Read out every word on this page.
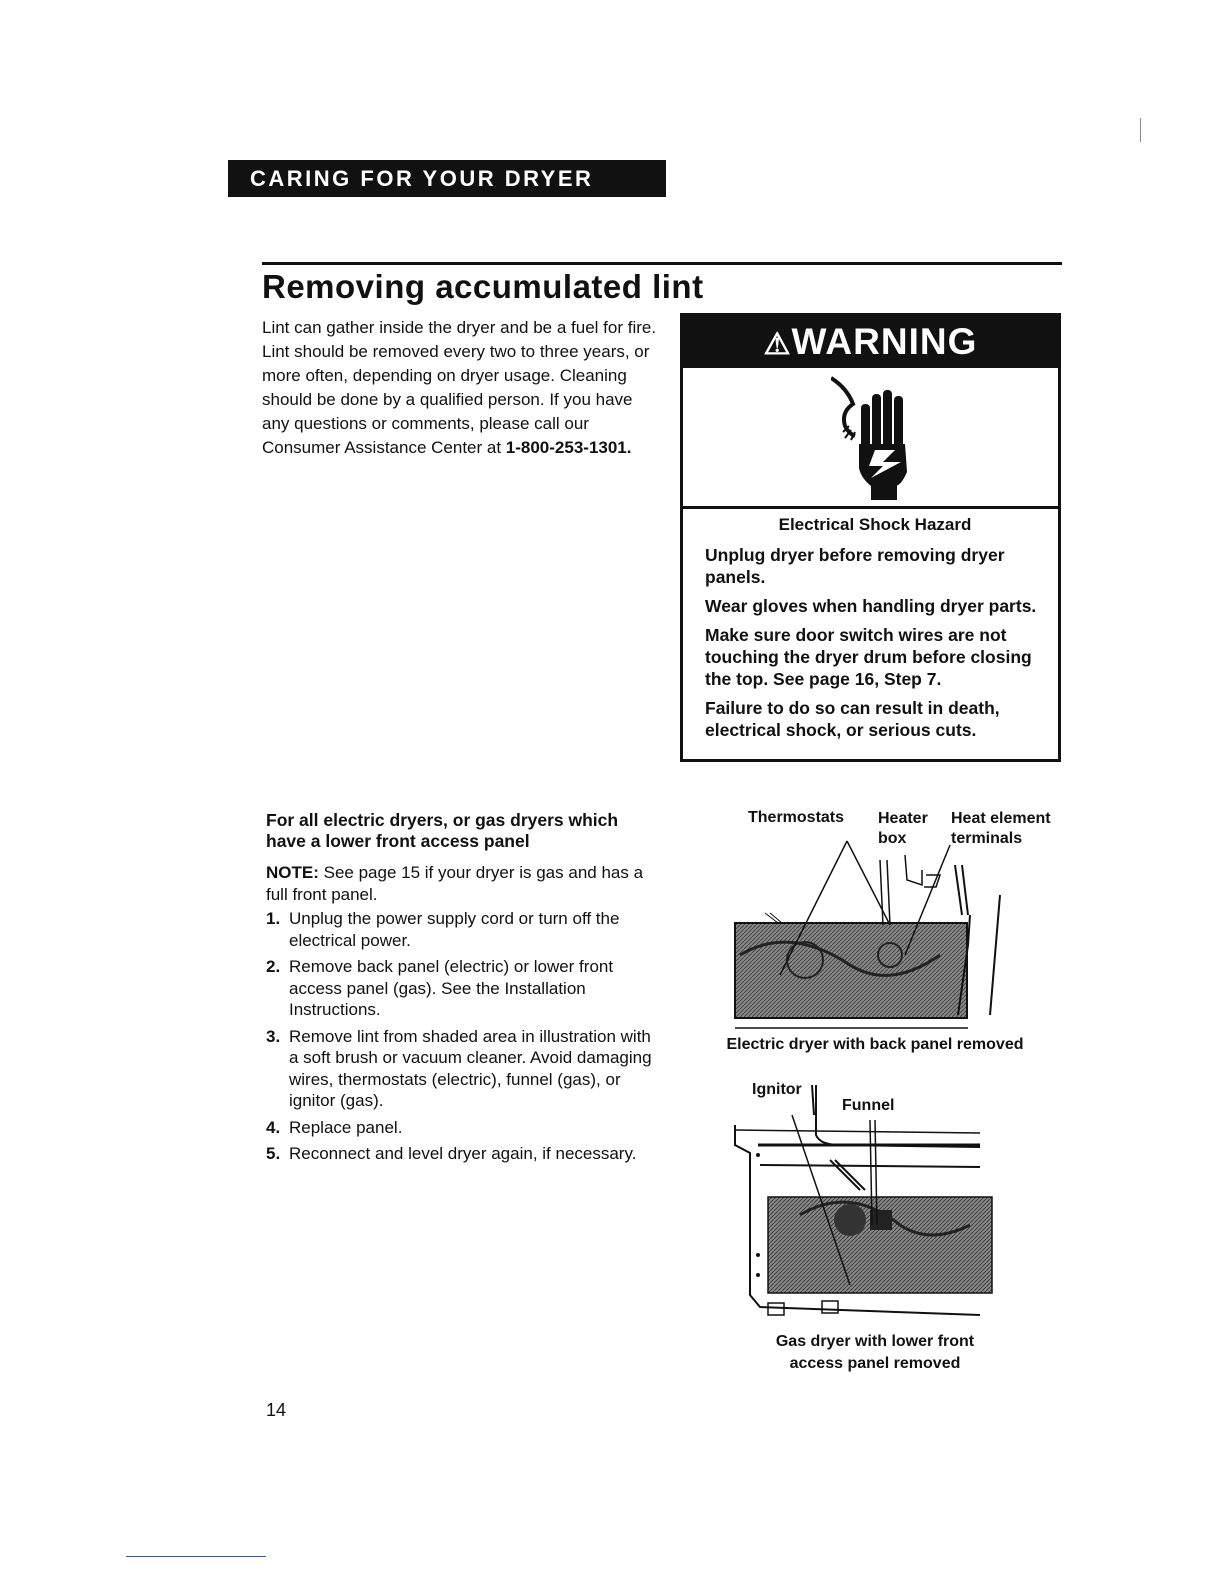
CARING FOR YOUR DRYER
Removing accumulated lint
Lint can gather inside the dryer and be a fuel for fire. Lint should be removed every two to three years, or more often, depending on dryer usage. Cleaning should be done by a qualified person. If you have any questions or comments, please call our Consumer Assistance Center at 1-800-253-1301.
⚠WARNING
Electrical Shock Hazard

Unplug dryer before removing dryer panels.

Wear gloves when handling dryer parts.

Make sure door switch wires are not touching the dryer drum before closing the top. See page 16, Step 7.

Failure to do so can result in death, electrical shock, or serious cuts.

For all electric dryers, or gas dryers which have a lower front access panel
NOTE: See page 15 if your dryer is gas and has a full front panel.
1. Unplug the power supply cord or turn off the electrical power.
2. Remove back panel (electric) or lower front access panel (gas). See the Installation Instructions.
3. Remove lint from shaded area in illustration with a soft brush or vacuum cleaner. Avoid damaging wires, thermostats (electric), funnel (gas), or ignitor (gas).
4. Replace panel.
5. Reconnect and level dryer again, if necessary.
Thermostats Heater box
Heat element terminals
Electric dryer with back panel removed
Ignitor
Funnel
Gas dryer with lower front access panel removed
14
